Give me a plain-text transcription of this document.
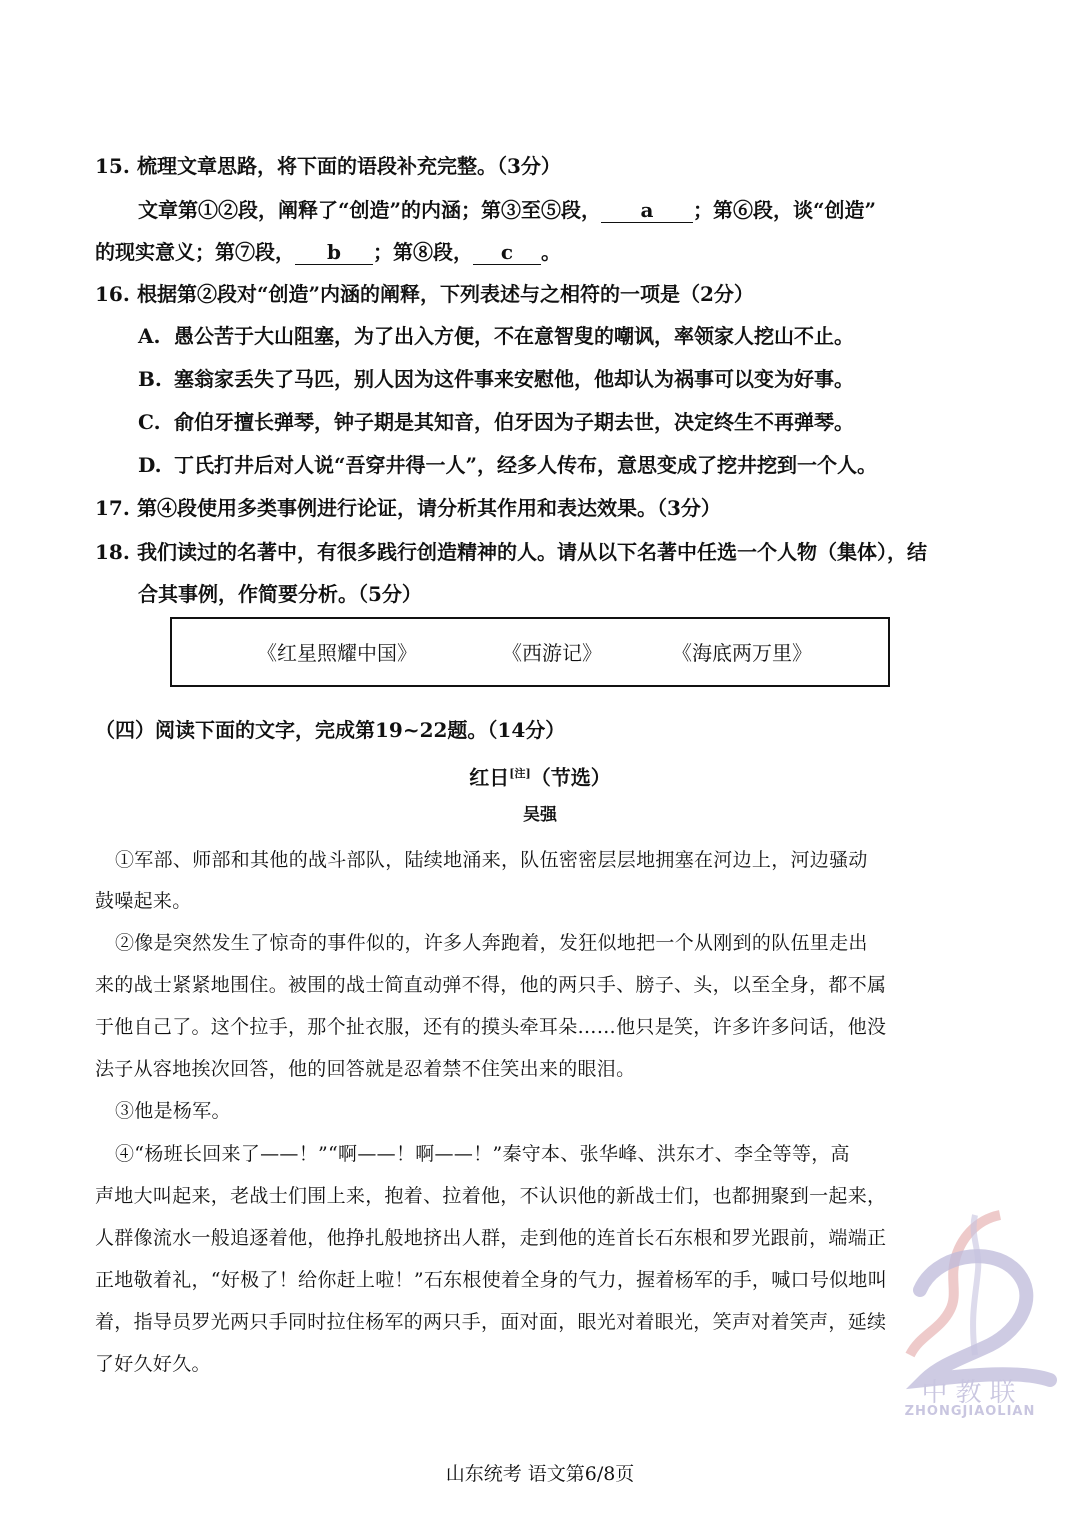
15. 梳理文章思路，将下面的语段补充完整。（3分）
文章第①②段，阐释了“创造”的内涵；第③至⑤段， a ；第⑥段，谈“创造”
的现实意义；第⑦段， b ；第⑧段， c 。
16. 根据第②段对“创造”内涵的阐释，下列表述与之相符的一项是（2分）
A. 愚公苦于大山阻塞，为了出入方便，不在意智叟的嘲讽，率领家人挖山不止。
B. 塞翁家丢失了马匹，别人因为这件事来安慰他，他却认为祸事可以变为好事。
C. 俞伯牙擅长弹琴，钟子期是其知音，伯牙因为子期去世，决定终生不再弹琴。
D. 丁氏打井后对人说“吾穿井得一人”，经多人传布，意思变成了挖井挖到一个人。
17. 第④段使用多类事例进行论证，请分析其作用和表达效果。（3分）
18. 我们读过的名著中，有很多践行创造精神的人。请从以下名著中任选一个人物（集体），结
合其事例，作简要分析。（5分）
《红星照耀中国》	《西游记》	《海底两万里》
（四）阅读下面的文字，完成第19~22题。（14分）
红日[注]（节选）
吴强
①军部、师部和其他的战斗部队，陆续地涌来，队伍密密层层地拥塞在河边上，河边骚动
鼓噪起来。
②像是突然发生了惊奇的事件似的，许多人奔跑着，发狂似地把一个从刚到的队伍里走出
来的战士紧紧地围住。被围的战士简直动弹不得，他的两只手、膀子、头，以至全身，都不属
于他自己了。这个拉手，那个扯衣服，还有的摸头牵耳朵……他只是笑，许多许多问话，他没
法子从容地挨次回答，他的回答就是忍着禁不住笑出来的眼泪。
③他是杨军。
④“杨班长回来了——！”“啊——！啊——！”秦守本、张华峰、洪东才、李全等等，高
声地大叫起来，老战士们围上来，抱着、拉着他，不认识他的新战士们，也都拥聚到一起来，
人群像流水一般追逐着他，他挣扎般地挤出人群，走到他的连首长石东根和罗光跟前，端端正
正地敬着礼，“好极了！给你赶上啦！”石东根使着全身的气力，握着杨军的手，喊口号似地叫
着，指导员罗光两只手同时拉住杨军的两只手，面对面，眼光对着眼光，笑声对着笑声，延续
了好久好久。
中教联
ZHONGJIAOLIAN
山东统考 语文第6/8页
